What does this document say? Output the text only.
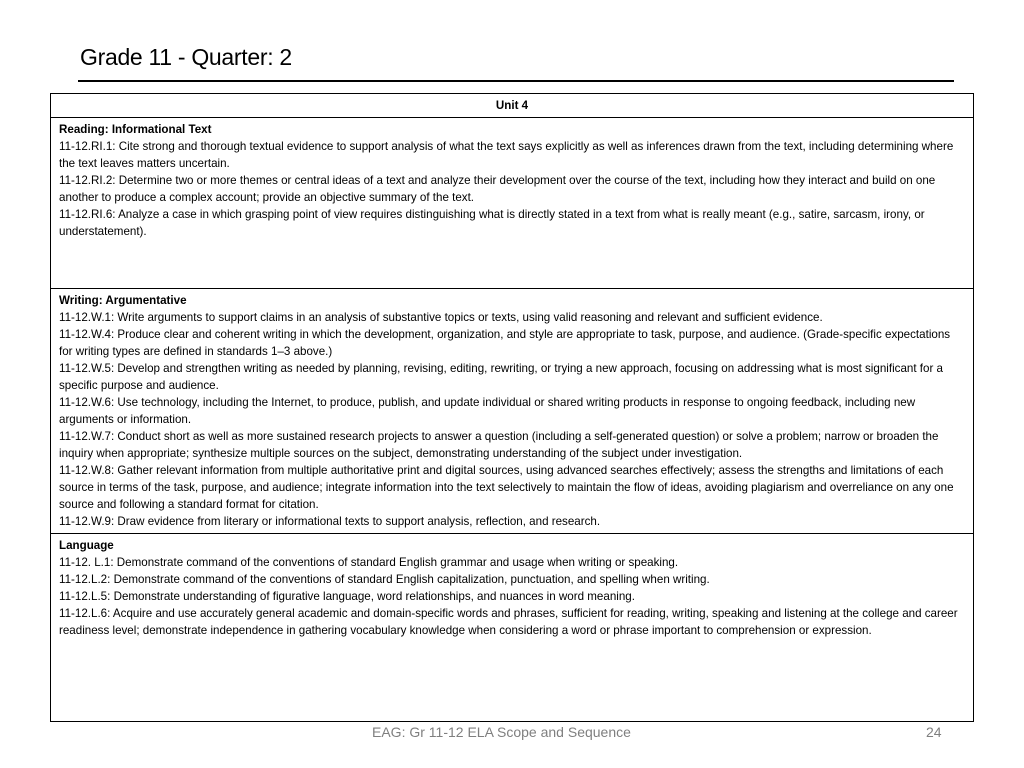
Grade 11 - Quarter: 2
Unit 4

Reading: Informational Text
11-12.RI.1: Cite strong and thorough textual evidence to support analysis of what the text says explicitly as well as inferences drawn from the text, including determining where the text leaves matters uncertain.
11-12.RI.2: Determine two or more themes or central ideas of a text and analyze their development over the course of the text, including how they interact and build on one another to produce a complex account; provide an objective summary of the text.
11-12.RI.6: Analyze a case in which grasping point of view requires distinguishing what is directly stated in a text from what is really meant (e.g., satire, sarcasm, irony, or understatement).

Writing: Argumentative
11-12.W.1: Write arguments to support claims in an analysis of substantive topics or texts, using valid reasoning and relevant and sufficient evidence.
11-12.W.4: Produce clear and coherent writing in which the development, organization, and style are appropriate to task, purpose, and audience. (Grade-specific expectations for writing types are defined in standards 1–3 above.)
11-12.W.5: Develop and strengthen writing as needed by planning, revising, editing, rewriting, or trying a new approach, focusing on addressing what is most significant for a specific purpose and audience.
11-12.W.6: Use technology, including the Internet, to produce, publish, and update individual or shared writing products in response to ongoing feedback, including new arguments or information.
11-12.W.7: Conduct short as well as more sustained research projects to answer a question (including a self-generated question) or solve a problem; narrow or broaden the inquiry when appropriate; synthesize multiple sources on the subject, demonstrating understanding of the subject under investigation.
11-12.W.8: Gather relevant information from multiple authoritative print and digital sources, using advanced searches effectively; assess the strengths and limitations of each source in terms of the task, purpose, and audience; integrate information into the text selectively to maintain the flow of ideas, avoiding plagiarism and overreliance on any one source and following a standard format for citation.
11-12.W.9: Draw evidence from literary or informational texts to support analysis, reflection, and research.

Language
11-12. L.1: Demonstrate command of the conventions of standard English grammar and usage when writing or speaking.
11-12.L.2: Demonstrate command of the conventions of standard English capitalization, punctuation, and spelling when writing.
11-12.L.5: Demonstrate understanding of figurative language, word relationships, and nuances in word meaning.
11-12.L.6: Acquire and use accurately general academic and domain-specific words and phrases, sufficient for reading, writing, speaking and listening at the college and career readiness level; demonstrate independence in gathering vocabulary knowledge when considering a word or phrase important to comprehension or expression.
EAG: Gr 11-12 ELA Scope and Sequence	24
